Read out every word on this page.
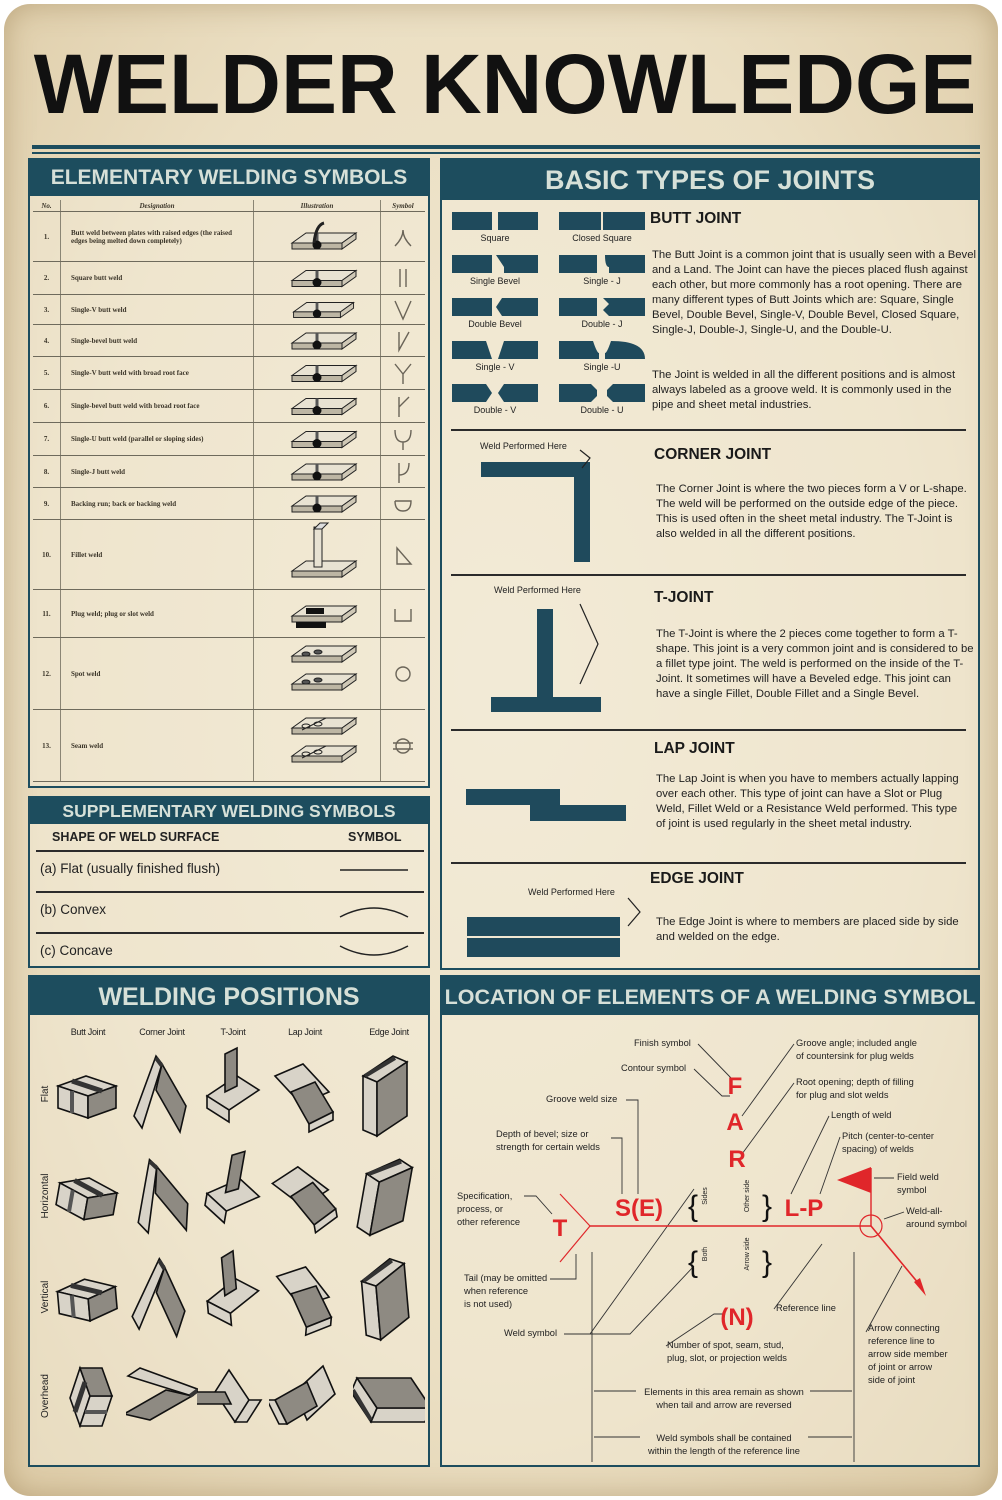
WELDER KNOWLEDGE
ELEMENTARY WELDING SYMBOLS
No.	Designation	Illustration	Symbol
1.	Butt weld between plates with raised edges (the raised edges being melted down completely)
2.	Square butt weld
3.	Single-V butt weld
4.	Single-bevel butt weld
5.	Single-V butt weld with broad root face
6.	Single-bevel butt weld with broad root face
7.	Single-U butt weld (parallel or sloping sides)
8.	Single-J butt weld
9.	Backing run; back or backing weld
10.	Fillet weld
11.	Plug weld; plug or slot weld
12.	Spot weld
13.	Seam weld
SUPPLEMENTARY WELDING SYMBOLS
SHAPE OF WELD SURFACE	SYMBOL
(a) Flat (usually finished flush)
(b) Convex
(c) Concave
BASIC TYPES OF JOINTS
Square	Closed Square
Single Bevel	Single - J
Double Bevel	Double - J
Single - V	Single -U
Double - V	Double - U
BUTT JOINT
The Butt Joint is a common joint that is usually seen with a Bevel and a Land. The Joint can have the pieces placed flush against each other, but more commonly has a root opening. There are many different types of Butt Joints which are: Square, Single Bevel, Double Bevel, Single-V, Double Bevel, Closed Square, Single-J, Double-J, Single-U, and the Double-U.
The Joint is welded in all the different positions and is almost always labeled as a groove weld. It is commonly used in the pipe and sheet metal industries.
Weld Performed Here	CORNER JOINT
The Corner Joint is where the two pieces form a V or L-shape. The weld will be performed on the outside edge of the piece. This is used often in the sheet metal industry. The T-Joint is also welded in all the different positions.
Weld Performed Here	T-JOINT
The T-Joint is where the 2 pieces come together to form a T-shape. This joint is a very common joint and is considered to be a fillet type joint. The weld is performed on the inside of the T-Joint. It sometimes will have a Beveled edge. This joint can have a single Fillet, Double Fillet and a Single Bevel.
LAP JOINT
The Lap Joint is when you have to members actually lapping over each other. This type of joint can have a Slot or Plug Weld, Fillet Weld or a Resistance Weld performed. This type of joint is used regularly in the sheet metal industry.
Weld Performed Here
EDGE JOINT
The Edge Joint is where to members are placed side by side and welded on the edge.
WELDING POSITIONS
Butt Joint	Corner Joint	T-Joint	Lap Joint	Edge Joint
Flat
Horizontal
Vertical
Overhead
LOCATION OF ELEMENTS OF A WELDING SYMBOL
F
A
R
T
S(E)	L-P
(N)
{ }
{ }
Sides	Other side
Both	Arrow side
Finish symbol
Contour symbol
Groove weld size
Depth of bevel; size or
strength for certain welds
Specification,
process, or
other reference
Tail (may be omitted
when reference
is not used)
Weld symbol
Groove angle; included angle
of countersink for plug welds
Root opening; depth of filling
for plug and slot welds
Length of weld
Pitch (center-to-center
spacing) of welds
Field weld
symbol
Weld-all-
around symbol
Reference line
Number of spot, seam, stud,
plug, slot, or projection welds
Arrow connecting
reference line to
arrow side member
of joint or arrow
side of joint
Elements in this area remain as shown
when tail and arrow are reversed
Weld symbols shall be contained
within the length of the reference line
